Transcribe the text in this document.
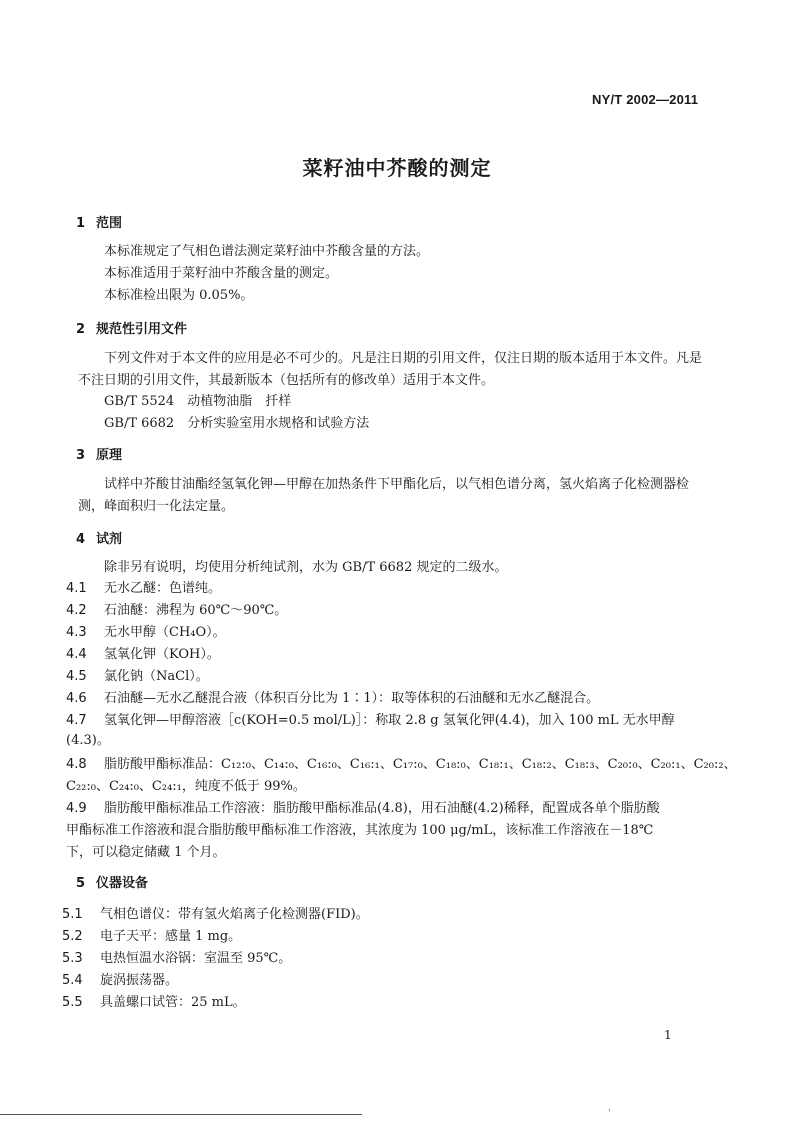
NY/T 2002—2011
菜籽油中芥酸的测定
1 范围
本标准规定了气相色谱法测定菜籽油中芥酸含量的方法。
本标准适用于菜籽油中芥酸含量的测定。
本标准检出限为 0.05%。
2 规范性引用文件
下列文件对于本文件的应用是必不可少的。凡是注日期的引用文件，仅注日期的版本适用于本文件。凡是不注日期的引用文件，其最新版本（包括所有的修改单）适用于本文件。
GB/T 5524　动植物油脂　扦样
GB/T 6682　分析实验室用水规格和试验方法
3 原理
试样中芥酸甘油酯经氢氧化钾—甲醇在加热条件下甲酯化后，以气相色谱分离，氢火焰离子化检测器检测，峰面积归一化法定量。
4 试剂
除非另有说明，均使用分析纯试剂，水为 GB/T 6682 规定的二级水。
4.1 无水乙醚：色谱纯。
4.2 石油醚：沸程为 60℃～90℃。
4.3 无水甲醇（CH₄O）。
4.4 氢氧化钾（KOH）。
4.5 氯化钠（NaCl）。
4.6 石油醚—无水乙醚混合液（体积百分比为 1∶1）：取等体积的石油醚和无水乙醚混合。
4.7 氢氧化钾—甲醇溶液［c(KOH=0.5 mol/L)］：称取 2.8 g 氢氧化钾(4.4)，加入 100 mL 无水甲醇
(4.3)。
4.8 脂肪酸甲酯标准品：C₁₂:₀、C₁₄:₀、C₁₆:₀、C₁₆:₁、C₁₇:₀、C₁₈:₀、C₁₈:₁、C₁₈:₂、C₁₈:₃、C₂₀:₀、C₂₀:₁、C₂₀:₂、
C₂₂:₀、C₂₄:₀、C₂₄:₁，纯度不低于 99%。
4.9 脂肪酸甲酯标准品工作溶液：脂肪酸甲酯标准品(4.8)，用石油醚(4.2)稀释，配置成各单个脂肪酸
甲酯标准工作溶液和混合脂肪酸甲酯标准工作溶液，其浓度为 100 μg/mL，该标准工作溶液在－18℃
下，可以稳定储藏 1 个月。
5 仪器设备
5.1 气相色谱仪：带有氢火焰离子化检测器(FID)。
5.2 电子天平：感量 1 mg。
5.3 电热恒温水浴锅：室温至 95℃。
5.4 旋涡振荡器。
5.5 具盖螺口试管：25 mL。
1
'
